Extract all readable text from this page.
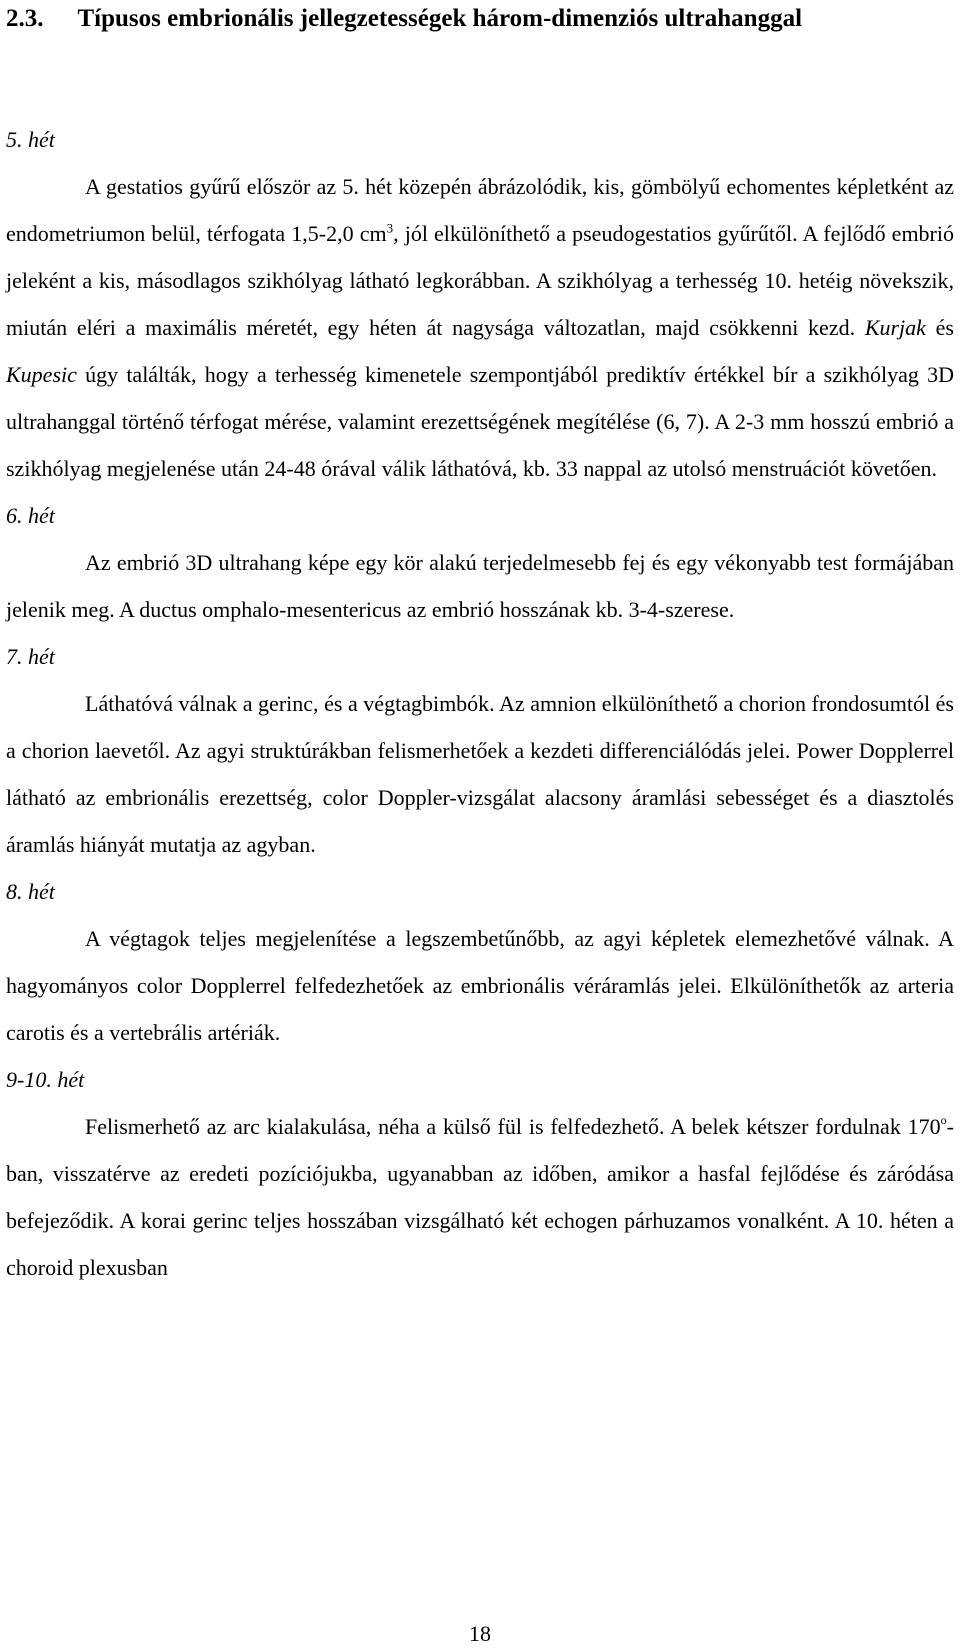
2.3. Típusos embrionális jellegzetességek három-dimenziós ultrahanggal

5. hét

A gestatios gyűrű először az 5. hét közepén ábrázolódik, kis, gömbölyű echomentes képletként az endometriumon belül, térfogata 1,5-2,0 $cm^3$, jól elkülöníthető a pseudogestatios gyűrűtől. A fejlődő embrió jeleként a kis, másodlagos szikhólyag látható legkorábban. A szikhólyag a terhesség 10. hetéig növekszik, miután eléri a maximális méretét, egy héten át nagysága változatlan, majd csökkenni kezd. Kurjak és Kupesic úgy találták, hogy a terhesség kimenetele szempontjából prediktív értékkel bír a szikhólyag 3D ultrahanggal történő térfogat mérése, valamint erezettségének megítélése (6, 7). A 2-3 mm hosszú embrió a szikhólyag megjelenése után 24-48 órával válik láthatóvá, kb. 33 nappal az utolsó menstruációt követően.

6. hét

Az embrió 3D ultrahang képe egy kör alakú terjedelmesebb fej és egy vékonyabb test formájában jelenik meg. A ductus omphalo-mesentericus az embrió hosszának kb. 3-4-szerese.

7. hét

Láthatóvá válnak a gerinc, és a végtagbimbók. Az amnion elkülöníthető a chorion frondosumtól és a chorion laevetől. Az agyi struktúrákban felismerhetőek a kezdeti differenciálódás jelei. Power Dopplerrel látható az embrionális erezettség, color Doppler-vizsgálat alacsony áramlási sebességet és a diasztolés áramlás hiányát mutatja az agyban.

8. hét

A végtagok teljes megjelenítése a legszembetűnőbb, az agyi képletek elemezhetővé válnak. A hagyományos color Dopplerrel felfedezhetőek az embrionális véráramlás jelei. Elkülöníthetők az arteria carotis és a vertebrális artériák.

9-10. hét

Felismerhető az arc kialakulása, néha a külső fül is felfedezhető. A belek kétszer fordulnak 170$^o$-ban, visszatérve az eredeti pozíciójukba, ugyanabban az időben, amikor a hasfal fejlődése és záródása befejeződik. A korai gerinc teljes hosszában vizsgálható két echogen párhuzamos vonalként. A 10. héten a choroid plexusban

18
